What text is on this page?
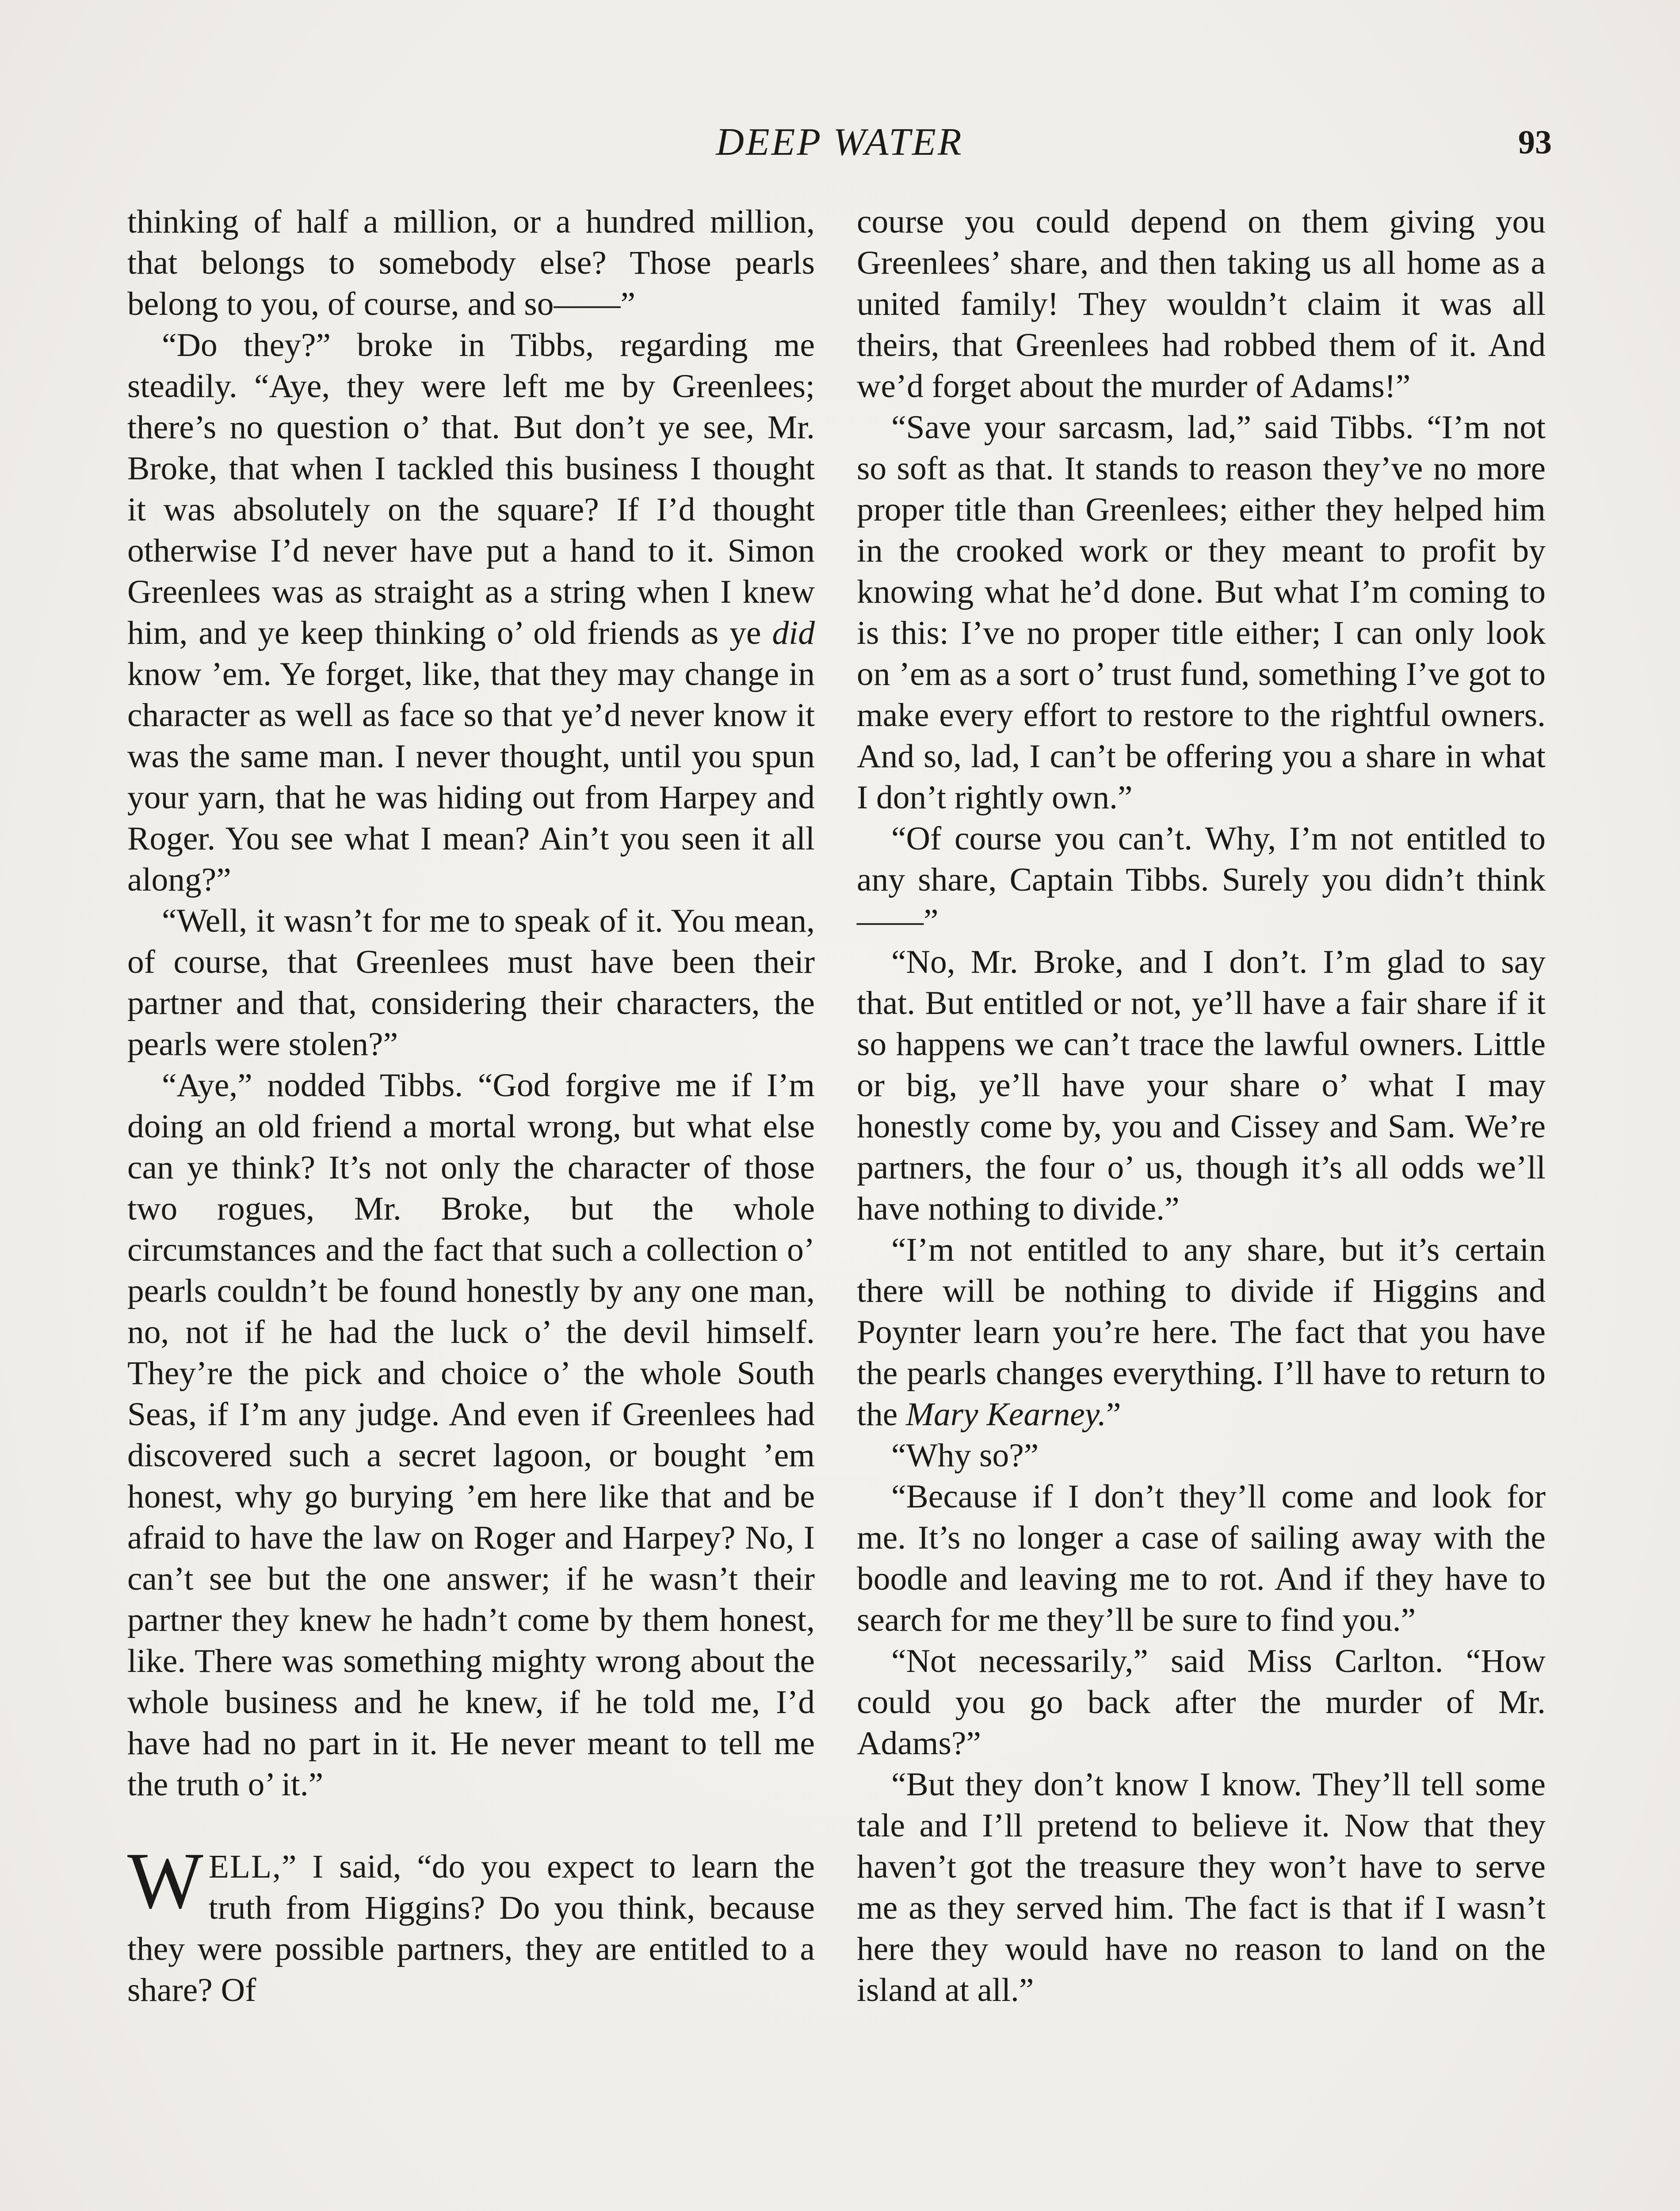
DEEP WATER	93

thinking of half a million, or a hundred million, that belongs to somebody else? Those pearls belong to you, of course, and so——”

“Do they?” broke in Tibbs, regarding me steadily. “Aye, they were left me by Greenlees; there’s no question o’ that. But don’t ye see, Mr. Broke, that when I tackled this business I thought it was absolutely on the square? If I’d thought otherwise I’d never have put a hand to it. Simon Greenlees was as straight as a string when I knew him, and ye keep thinking o’ old friends as ye did know ’em. Ye forget, like, that they may change in character as well as face so that ye’d never know it was the same man. I never thought, until you spun your yarn, that he was hiding out from Harpey and Roger. You see what I mean? Ain’t you seen it all along?”

“Well, it wasn’t for me to speak of it. You mean, of course, that Greenlees must have been their partner and that, considering their characters, the pearls were stolen?”

“Aye,” nodded Tibbs. “God forgive me if I’m doing an old friend a mortal wrong, but what else can ye think? It’s not only the character of those two rogues, Mr. Broke, but the whole circumstances and the fact that such a collection o’ pearls couldn’t be found honestly by any one man, no, not if he had the luck o’ the devil himself. They’re the pick and choice o’ the whole South Seas, if I’m any judge. And even if Greenlees had discovered such a secret lagoon, or bought ’em honest, why go burying ’em here like that and be afraid to have the law on Roger and Harpey? No, I can’t see but the one answer; if he wasn’t their partner they knew he hadn’t come by them honest, like. There was something mighty wrong about the whole business and he knew, if he told me, I’d have had no part in it. He never meant to tell me the truth o’ it.”

WELL,” I said, “do you expect to learn the truth from Higgins? Do you think, because they were possible partners, they are entitled to a share? Of

course you could depend on them giving you Greenlees’ share, and then taking us all home as a united family! They wouldn’t claim it was all theirs, that Greenlees had robbed them of it. And we’d forget about the murder of Adams!”

“Save your sarcasm, lad,” said Tibbs. “I’m not so soft as that. It stands to reason they’ve no more proper title than Greenlees; either they helped him in the crooked work or they meant to profit by knowing what he’d done. But what I’m coming to is this: I’ve no proper title either; I can only look on ’em as a sort o’ trust fund, something I’ve got to make every effort to restore to the rightful owners. And so, lad, I can’t be offering you a share in what I don’t rightly own.”

“Of course you can’t. Why, I’m not entitled to any share, Captain Tibbs. Surely you didn’t think——”

“No, Mr. Broke, and I don’t. I’m glad to say that. But entitled or not, ye’ll have a fair share if it so happens we can’t trace the lawful owners. Little or big, ye’ll have your share o’ what I may honestly come by, you and Cissey and Sam. We’re partners, the four o’ us, though it’s all odds we’ll have nothing to divide.”

“I’m not entitled to any share, but it’s certain there will be nothing to divide if Higgins and Poynter learn you’re here. The fact that you have the pearls changes everything. I’ll have to return to the Mary Kearney.”

“Why so?”

“Because if I don’t they’ll come and look for me. It’s no longer a case of sailing away with the boodle and leaving me to rot. And if they have to search for me they’ll be sure to find you.”

“Not necessarily,” said Miss Carlton. “How could you go back after the murder of Mr. Adams?”

“But they don’t know I know. They’ll tell some tale and I’ll pretend to believe it. Now that they haven’t got the treasure they won’t have to serve me as they served him. The fact is that if I wasn’t here they would have no reason to land on the island at all.”
